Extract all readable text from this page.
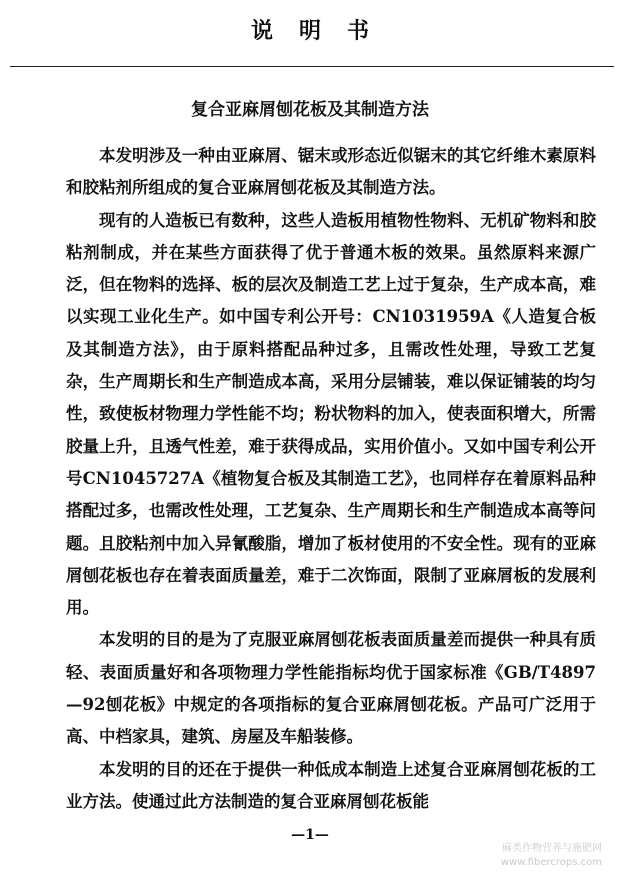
说明书
复合亚麻屑刨花板及其制造方法

本发明涉及一种由亚麻屑、锯末或形态近似锯末的其它纤维木素原料和胶粘剂所组成的复合亚麻屑刨花板及其制造方法。

现有的人造板已有数种，这些人造板用植物性物料、无机矿物料和胶粘剂制成，并在某些方面获得了优于普通木板的效果。虽然原料来源广泛，但在物料的选择、板的层次及制造工艺上过于复杂，生产成本高，难以实现工业化生产。如中国专利公开号：CN1031959A《人造复合板及其制造方法》，由于原料搭配品种过多，且需改性处理，导致工艺复杂，生产周期长和生产制造成本高，采用分层铺装，难以保证铺装的均匀性，致使板材物理力学性能不均；粉状物料的加入，使表面积增大，所需胶量上升，且透气性差，难于获得成品，实用价值小。又如中国专利公开号CN1045727A《植物复合板及其制造工艺》，也同样存在着原料品种搭配过多，也需改性处理，工艺复杂、生产周期长和生产制造成本高等问题。且胶粘剂中加入异氰酸脂，增加了板材使用的不安全性。现有的亚麻屑刨花板也存在着表面质量差，难于二次饰面，限制了亚麻屑板的发展利用。

本发明的目的是为了克服亚麻屑刨花板表面质量差而提供一种具有质轻、表面质量好和各项物理力学性能指标均优于国家标准《GB/T4897—92刨花板》中规定的各项指标的复合亚麻屑刨花板。产品可广泛用于高、中档家具，建筑、房屋及车船装修。

本发明的目的还在于提供一种低成本制造上述复合亚麻屑刨花板的工业方法。使通过此方法制造的复合亚麻屑刨花板能

—1—
麻类作物营养与施肥网
www.fibercrops.com
